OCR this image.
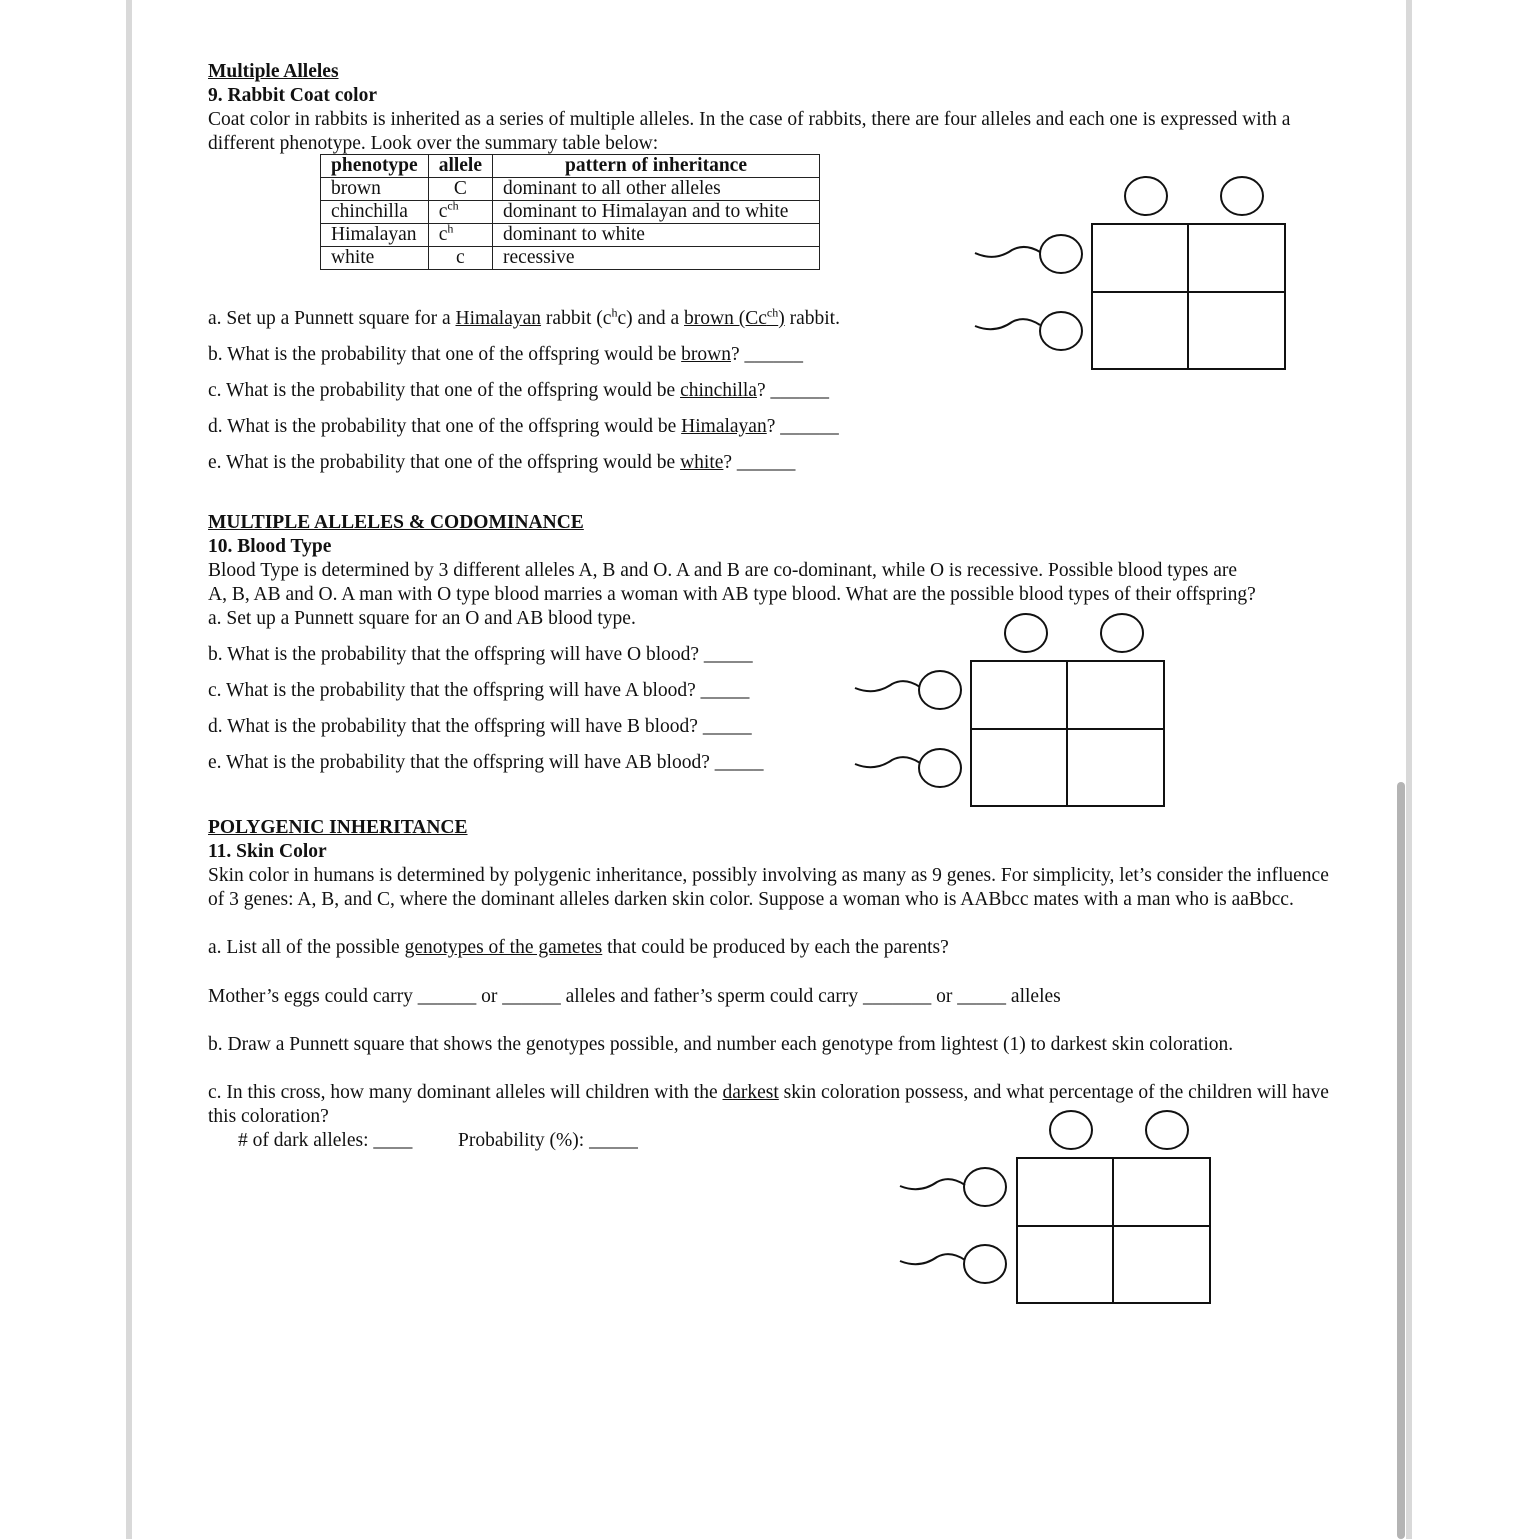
Multiple Alleles
9. Rabbit Coat color
Coat color in rabbits is inherited as a series of multiple alleles. In the case of rabbits, there are four alleles and each one is expressed with a different phenotype. Look over the summary table below:
phenotype	allele	pattern of inheritance
brown	C	dominant to all other alleles
chinchilla	$c^{ch}$	dominant to Himalayan and to white
Himalayan	$c^h$	dominant to white
white	c	recessive
a. Set up a Punnett square for a Himalayan rabbit $(c^hc)$ and a brown $(Cc^{ch})$ rabbit.
b. What is the probability that one of the offspring would be brown? ______
c. What is the probability that one of the offspring would be chinchilla? ______
d. What is the probability that one of the offspring would be Himalayan? ______
e. What is the probability that one of the offspring would be white? ______
MULTIPLE ALLELES & CODOMINANCE
10. Blood Type
Blood Type is determined by 3 different alleles A, B and O. A and B are co-dominant, while O is recessive. Possible blood types are
A, B, AB and O. A man with O type blood marries a woman with AB type blood. What are the possible blood types of their offspring?
a. Set up a Punnett square for an O and AB blood type.
b. What is the probability that the offspring will have O blood? _____
c. What is the probability that the offspring will have A blood? _____
d. What is the probability that the offspring will have B blood? _____
e. What is the probability that the offspring will have AB blood? _____
POLYGENIC INHERITANCE
11. Skin Color
Skin color in humans is determined by polygenic inheritance, possibly involving as many as 9 genes. For simplicity, let’s consider the influence of 3 genes: A, B, and C, where the dominant alleles darken skin color. Suppose a woman who is AABbcc mates with a man who is aaBbcc.
a. List all of the possible genotypes of the gametes that could be produced by each the parents?
Mother’s eggs could carry ______ or ______ alleles and father’s sperm could carry _______ or _____ alleles
b. Draw a Punnett square that shows the genotypes possible, and number each genotype from lightest (1) to darkest skin coloration.
c. In this cross, how many dominant alleles will children with the darkest skin coloration possess, and what percentage of the children will have this coloration?
# of dark alleles: ____ Probability (%): _____
